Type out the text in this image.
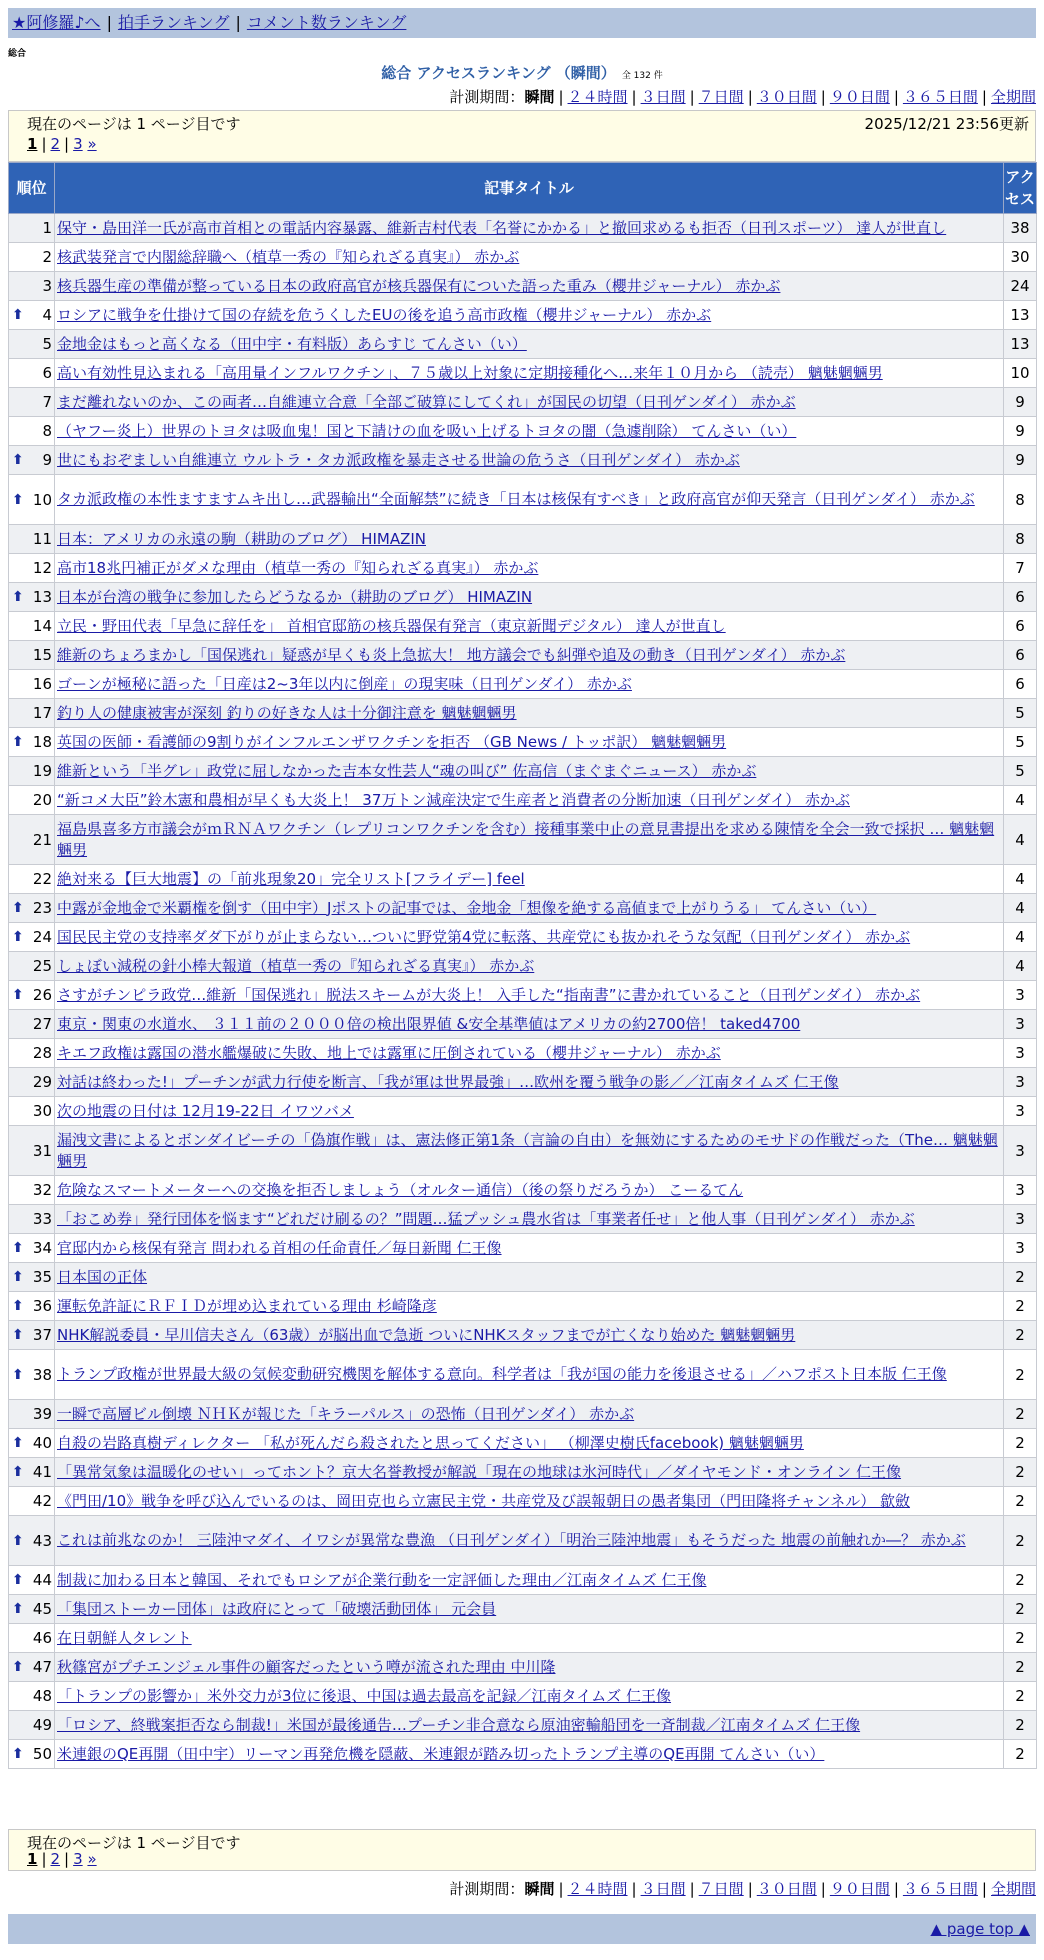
★阿修羅♪へ | 拍手ランキング | コメント数ランキング
総合
総合 アクセスランキング （瞬間） 全 132 件
計測期間：瞬間 | ２４時間 | ３日間 | ７日間 | ３０日間 | ９０日間 | ３６５日間 | 全期間
現在のページは 1 ページ目です	2025/12/21 23:56更新
1 | 2 | 3 »
順位	記事タイトル	アクセス
1	保守・島田洋一氏が高市首相との電話内容暴露、維新吉村代表「名誉にかかる」と撤回求めるも拒否（日刊スポーツ） 達人が世直し	38
2	核武装発言で内閣総辞職へ（植草一秀の『知られざる真実』） 赤かぶ	30
3	核兵器生産の準備が整っている日本の政府高官が核兵器保有についた語った重み（櫻井ジャーナル） 赤かぶ	24

⬆ 4	ロシアに戦争を仕掛けて国の存続を危うくしたEUの後を追う高市政権（櫻井ジャーナル） 赤かぶ	13
5	金地金はもっと高くなる（田中宇・有料版）あらすじ てんさい（い）	13
6	高い有効性見込まれる「高用量インフルワクチン」、７５歳以上対象に定期接種化へ…来年１０月から （読売） 魑魅魍魎男	10
7	まだ離れないのか、この両者…自維連立合意「全部ご破算にしてくれ」が国民の切望（日刊ゲンダイ） 赤かぶ	9
8	（ヤフー炎上）世界のトヨタは吸血鬼！国と下請けの血を吸い上げるトヨタの闇（急遽削除） てんさい（い）	9

⬆ 9	世にもおぞましい自維連立 ウルトラ・タカ派政権を暴走させる世論の危うさ（日刊ゲンダイ） 赤かぶ	9

⬆ 10	タカ派政権の本性ますますムキ出し…武器輸出“全面解禁”に続き「日本は核保有すべき」と政府高官が仰天発言（日刊ゲンダイ） 赤かぶ	8
11	日本：アメリカの永遠の駒（耕助のブログ） HIMAZIN	8
12	高市18兆円補正がダメな理由（植草一秀の『知られざる真実』） 赤かぶ	7

⬆ 13	日本が台湾の戦争に参加したらどうなるか（耕助のブログ） HIMAZIN	6
14	立民・野田代表「早急に辞任を」 首相官邸筋の核兵器保有発言（東京新聞デジタル） 達人が世直し	6
15	維新のちょろまかし「国保逃れ」疑惑が早くも炎上急拡大！ 地方議会でも糾弾や追及の動き（日刊ゲンダイ） 赤かぶ	6
16	ゴーンが極秘に語った「日産は2~3年以内に倒産」の現実味（日刊ゲンダイ） 赤かぶ	6
17	釣り人の健康被害が深刻 釣りの好きな人は十分御注意を 魑魅魍魎男	5

⬆ 18	英国の医師・看護師の9割りがインフルエンザワクチンを拒否 （GB News / トッポ訳） 魑魅魍魎男	5
19	維新という「半グレ」政党に屈しなかった吉本女性芸人“魂の叫び” 佐高信（まぐまぐニュース） 赤かぶ	5
20	“新コメ大臣”鈴木憲和農相が早くも大炎上！ 37万トン減産決定で生産者と消費者の分断加速（日刊ゲンダイ） 赤かぶ	4
21	福島県喜多方市議会がｍＲＮＡワクチン（レプリコンワクチンを含む）接種事業中止の意見書提出を求める陳情を全会一致で採択 … 魑魅魍魎男	4
22	絶対来る【巨大地震】の「前兆現象20」完全リスト[フライデー] feel	4

⬆ 23	中露が金地金で米覇権を倒す（田中宇）Jポストの記事では、金地金「想像を絶する高値まで上がりうる」 てんさい（い）	4

⬆ 24	国民民主党の支持率ダダ下がりが止まらない…ついに野党第4党に転落、共産党にも抜かれそうな気配（日刊ゲンダイ） 赤かぶ	4
25	しょぼい減税の針小棒大報道（植草一秀の『知られざる真実』） 赤かぶ	4

⬆ 26	さすがチンピラ政党…維新「国保逃れ」脱法スキームが大炎上！ 入手した“指南書”に書かれていること（日刊ゲンダイ） 赤かぶ	3
27	東京・関東の水道水、 ３１１前の２０００倍の検出限界値 &安全基準値はアメリカの約2700倍！ taked4700	3
28	キエフ政権は露国の潜水艦爆破に失敗、地上では露軍に圧倒されている（櫻井ジャーナル） 赤かぶ	3
29	対話は終わった!」プーチンが武力行使を断言、「我が軍は世界最強」…欧州を覆う戦争の影／／江南タイムズ 仁王像	3
30	次の地震の日付は 12月19-22日 イワツバメ	3
31	漏洩文書によるとボンダイビーチの「偽旗作戦」は、憲法修正第1条（言論の自由）を無効にするためのモサドの作戦だった（The… 魑魅魍魎男	3
32	危険なスマートメーターへの交換を拒否しましょう（オルター通信）（後の祭りだろうか） こーるてん	3
33	「おこめ券」発行団体を悩ます“どれだけ刷るの？”問題…猛プッシュ農水省は「事業者任せ」と他人事（日刊ゲンダイ） 赤かぶ	3

⬆ 34	官邸内から核保有発言 問われる首相の任命責任／毎日新聞 仁王像	3

⬆ 35	日本国の正体	2

⬆ 36	運転免許証にＲＦＩＤが埋め込まれている理由 杉崎隆彦	2

⬆ 37	NHK解説委員・早川信夫さん（63歳）が脳出血で急逝 ついにNHKスタッフまでが亡くなり始めた 魑魅魍魎男	2

⬆ 38	トランプ政権が世界最大級の気候変動研究機関を解体する意向。科学者は「我が国の能力を後退させる」／ハフポスト日本版 仁王像	2
39	一瞬で高層ビル倒壊 ＮＨＫが報じた「キラーパルス」の恐怖（日刊ゲンダイ） 赤かぶ	2

⬆ 40	自殺の岩路真樹ディレクター 「私が死んだら殺されたと思ってください」 （柳澤史樹氏facebook) 魑魅魍魎男	2

⬆ 41	「異常気象は温暖化のせい」ってホント？京大名誉教授が解説「現在の地球は氷河時代」／ダイヤモンド・オンライン 仁王像	2
42	《門田/10》戦争を呼び込んでいるのは、岡田克也ら立憲民主党・共産党及び誤報朝日の愚者集団（門田隆将チャンネル） 歙斂	2

⬆ 43	これは前兆なのか！ 三陸沖マダイ、イワシが異常な豊漁 （日刊ゲンダイ）「明治三陸沖地震」もそうだった 地震の前触れか―？ 赤かぶ	2

⬆ 44	制裁に加わる日本と韓国、それでもロシアが企業行動を一定評価した理由／江南タイムズ 仁王像	2

⬆ 45	「集団ストーカー団体」は政府にとって「破壊活動団体」 元会員	2
46	在日朝鮮人タレント	2

⬆ 47	秋篠宮がプチエンジェル事件の顧客だったという噂が流された理由 中川隆	2
48	「トランプの影響か」米外交力が3位に後退、中国は過去最高を記録／江南タイムズ 仁王像	2
49	「ロシア、終戦案拒否なら制裁!」米国が最後通告…プーチン非合意なら原油密輸船団を一斉制裁／江南タイムズ 仁王像	2

⬆ 50	米連銀のQE再開（田中宇）リーマン再発危機を隠蔽、米連銀が踏み切ったトランプ主導のQE再開 てんさい（い）	2
現在のページは 1 ページ目です
1 | 2 | 3 »
計測期間：瞬間 | ２４時間 | ３日間 | ７日間 | ３０日間 | ９０日間 | ３６５日間 | 全期間
▲ page top ▲
